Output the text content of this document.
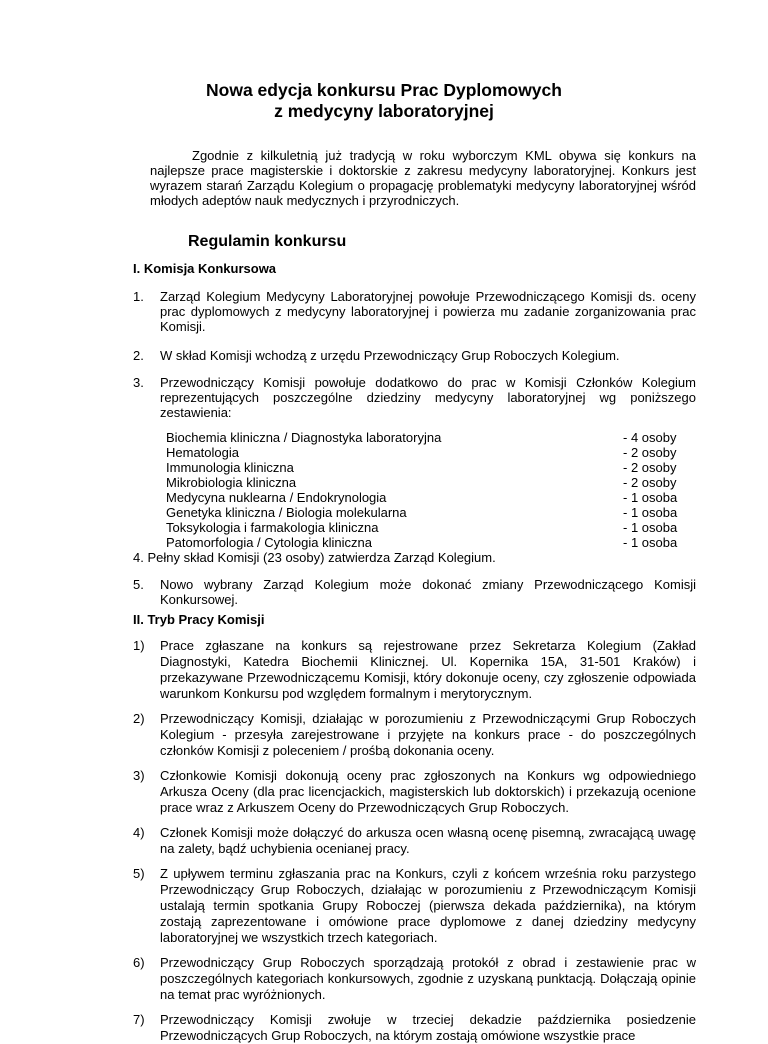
Nowa edycja konkursu Prac Dyplomowych
z medycyny laboratoryjnej
Zgodnie z kilkuletnią już tradycją w roku wyborczym KML obywa się konkurs na najlepsze prace magisterskie i doktorskie z zakresu medycyny laboratoryjnej. Konkurs jest wyrazem starań Zarządu Kolegium o propagację problematyki medycyny laboratoryjnej wśród młodych adeptów nauk medycznych i przyrodniczych.
Regulamin konkursu
I. Komisja Konkursowa
1. Zarząd Kolegium Medycyny Laboratoryjnej powołuje Przewodniczącego Komisji ds. oceny prac dyplomowych z medycyny laboratoryjnej i powierza mu zadanie zorganizowania prac Komisji.
2. W skład Komisji wchodzą z urzędu Przewodniczący Grup Roboczych Kolegium.
3. Przewodniczący Komisji powołuje dodatkowo do prac w Komisji Członków Kolegium reprezentujących poszczególne dziedziny medycyny laboratoryjnej wg poniższego zestawienia:
Biochemia kliniczna / Diagnostyka laboratoryjna	- 4 osoby
Hematologia	- 2 osoby
Immunologia kliniczna	- 2 osoby
Mikrobiologia kliniczna	- 2 osoby
Medycyna nuklearna / Endokrynologia	- 1 osoba
Genetyka kliniczna / Biologia molekularna	- 1 osoba
Toksykologia i farmakologia kliniczna	- 1 osoba
Patomorfologia / Cytologia kliniczna	- 1 osoba
4. Pełny skład Komisji (23 osoby) zatwierdza Zarząd Kolegium.
5. Nowo wybrany Zarząd Kolegium może dokonać zmiany Przewodniczącego Komisji Konkursowej.
II. Tryb Pracy Komisji
1) Prace zgłaszane na konkurs są rejestrowane przez Sekretarza Kolegium (Zakład Diagnostyki, Katedra Biochemii Klinicznej. Ul. Kopernika 15A, 31-501 Kraków) i przekazywane Przewodniczącemu Komisji, który dokonuje oceny, czy zgłoszenie odpowiada warunkom Konkursu pod względem formalnym i merytorycznym.
2) Przewodniczący Komisji, działając w porozumieniu z Przewodniczącymi Grup Roboczych Kolegium - przesyła zarejestrowane i przyjęte na konkurs prace - do poszczególnych członków Komisji z poleceniem / prośbą dokonania oceny.
3) Członkowie Komisji dokonują oceny prac zgłoszonych na Konkurs wg odpowiedniego Arkusza Oceny (dla prac licencjackich, magisterskich lub doktorskich) i przekazują ocenione prace wraz z Arkuszem Oceny do Przewodniczących Grup Roboczych.
4) Członek Komisji może dołączyć do arkusza ocen własną ocenę pisemną, zwracającą uwagę na zalety, bądź uchybienia ocenianej pracy.
5) Z upływem terminu zgłaszania prac na Konkurs, czyli z końcem września roku parzystego Przewodniczący Grup Roboczych, działając w porozumieniu z Przewodniczącym Komisji ustalają termin spotkania Grupy Roboczej (pierwsza dekada października), na którym zostają zaprezentowane i omówione prace dyplomowe z danej dziedziny medycyny laboratoryjnej we wszystkich trzech kategoriach.
6) Przewodniczący Grup Roboczych sporządzają protokół z obrad i zestawienie prac w poszczególnych kategoriach konkursowych, zgodnie z uzyskaną punktacją. Dołączają opinie na temat prac wyróżnionych.
7) Przewodniczący Komisji zwołuje w trzeciej dekadzie października posiedzenie Przewodniczących Grup Roboczych, na którym zostają omówione wszystkie prace
